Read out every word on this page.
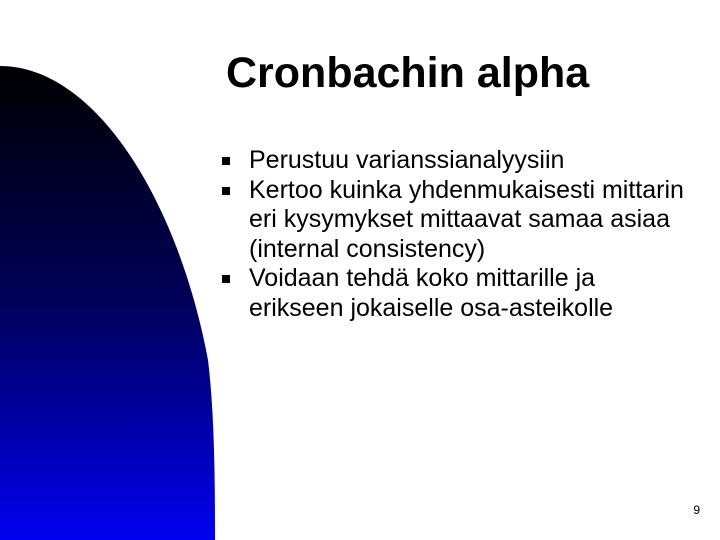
Cronbachin alpha
Perustuu varianssianalyysiin
Kertoo kuinka yhdenmukaisesti mittarin eri kysymykset mittaavat samaa asiaa (internal consistency)
Voidaan tehdä koko mittarille ja erikseen jokaiselle osa-asteikolle
9
